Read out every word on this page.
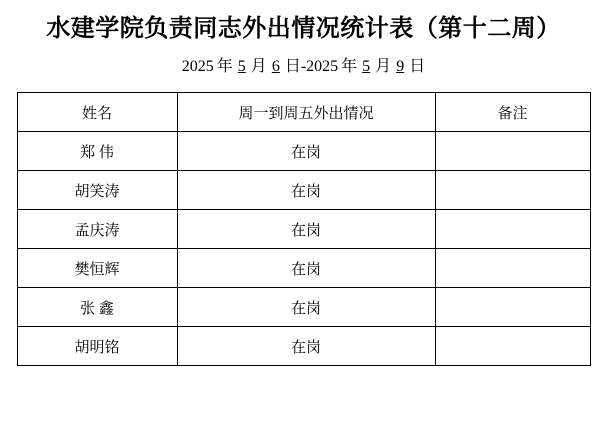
水建学院负责同志外出情况统计表（第十二周）
2025 年 5 月 6 日-2025 年 5 月 9 日
姓名	周一到周五外出情况	备注
郑 伟	在岗	
胡笑涛	在岗	
孟庆涛	在岗	
樊恒辉	在岗	
张 鑫	在岗	
胡明铭	在岗	
